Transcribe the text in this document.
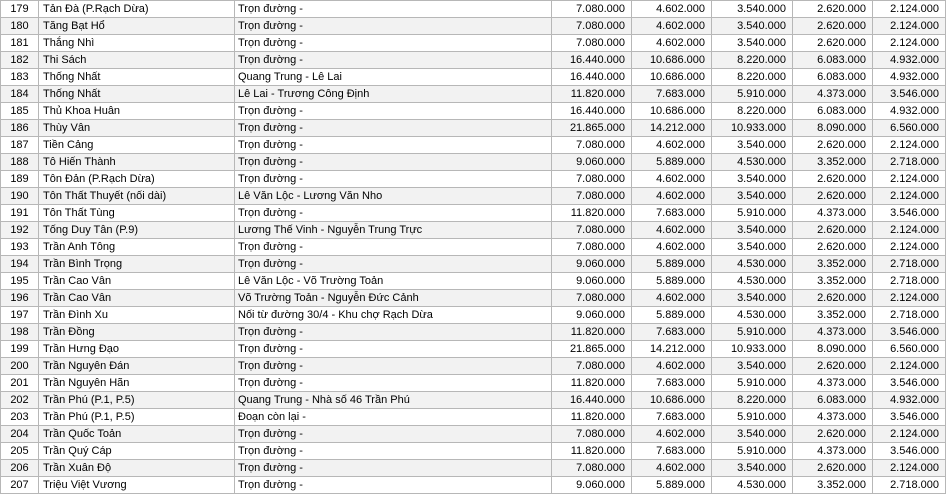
179	Tản Đà (P.Rạch Dừa)	Trọn đường -	7.080.000	4.602.000	3.540.000	2.620.000	2.124.000
180	Tăng Bạt Hổ	Trọn đường -	7.080.000	4.602.000	3.540.000	2.620.000	2.124.000
181	Thắng Nhì	Trọn đường -	7.080.000	4.602.000	3.540.000	2.620.000	2.124.000
182	Thi Sách	Trọn đường -	16.440.000	10.686.000	8.220.000	6.083.000	4.932.000
183	Thống Nhất	Quang Trung - Lê Lai	16.440.000	10.686.000	8.220.000	6.083.000	4.932.000
184	Thống Nhất	Lê Lai - Trương Công Định	11.820.000	7.683.000	5.910.000	4.373.000	3.546.000
185	Thủ Khoa Huân	Trọn đường -	16.440.000	10.686.000	8.220.000	6.083.000	4.932.000
186	Thùy Vân	Trọn đường -	21.865.000	14.212.000	10.933.000	8.090.000	6.560.000
187	Tiền Cảng	Trọn đường -	7.080.000	4.602.000	3.540.000	2.620.000	2.124.000
188	Tô Hiến Thành	Trọn đường -	9.060.000	5.889.000	4.530.000	3.352.000	2.718.000
189	Tôn Đản (P.Rạch Dừa)	Trọn đường -	7.080.000	4.602.000	3.540.000	2.620.000	2.124.000
190	Tôn Thất Thuyết (nối dài)	Lê Văn Lộc - Lương Văn Nho	7.080.000	4.602.000	3.540.000	2.620.000	2.124.000
191	Tôn Thất Tùng	Trọn đường -	11.820.000	7.683.000	5.910.000	4.373.000	3.546.000
192	Tống Duy Tân (P.9)	Lương Thế Vinh - Nguyễn Trung Trực	7.080.000	4.602.000	3.540.000	2.620.000	2.124.000
193	Trần Anh Tông	Trọn đường -	7.080.000	4.602.000	3.540.000	2.620.000	2.124.000
194	Trần Bình Trọng	Trọn đường -	9.060.000	5.889.000	4.530.000	3.352.000	2.718.000
195	Trần Cao Vân	Lê Văn Lộc - Võ Trường Toản	9.060.000	5.889.000	4.530.000	3.352.000	2.718.000
196	Trần Cao Vân	Võ Trường Toản - Nguyễn Đức Cảnh	7.080.000	4.602.000	3.540.000	2.620.000	2.124.000
197	Trần Đình Xu	Nối từ đường 30/4 - Khu chợ Rạch Dừa	9.060.000	5.889.000	4.530.000	3.352.000	2.718.000
198	Trần Đồng	Trọn đường -	11.820.000	7.683.000	5.910.000	4.373.000	3.546.000
199	Trần Hưng Đạo	Trọn đường -	21.865.000	14.212.000	10.933.000	8.090.000	6.560.000
200	Trần Nguyên Đán	Trọn đường -	7.080.000	4.602.000	3.540.000	2.620.000	2.124.000
201	Trần Nguyên Hãn	Trọn đường -	11.820.000	7.683.000	5.910.000	4.373.000	3.546.000
202	Trần Phú (P.1, P.5)	Quang Trung - Nhà số 46 Trần Phú	16.440.000	10.686.000	8.220.000	6.083.000	4.932.000
203	Trần Phú (P.1, P.5)	Đoạn còn lại -	11.820.000	7.683.000	5.910.000	4.373.000	3.546.000
204	Trần Quốc Toản	Trọn đường -	7.080.000	4.602.000	3.540.000	2.620.000	2.124.000
205	Trần Quý Cáp	Trọn đường -	11.820.000	7.683.000	5.910.000	4.373.000	3.546.000
206	Trần Xuân Độ	Trọn đường -	7.080.000	4.602.000	3.540.000	2.620.000	2.124.000
207	Triệu Việt Vương	Trọn đường -	9.060.000	5.889.000	4.530.000	3.352.000	2.718.000
